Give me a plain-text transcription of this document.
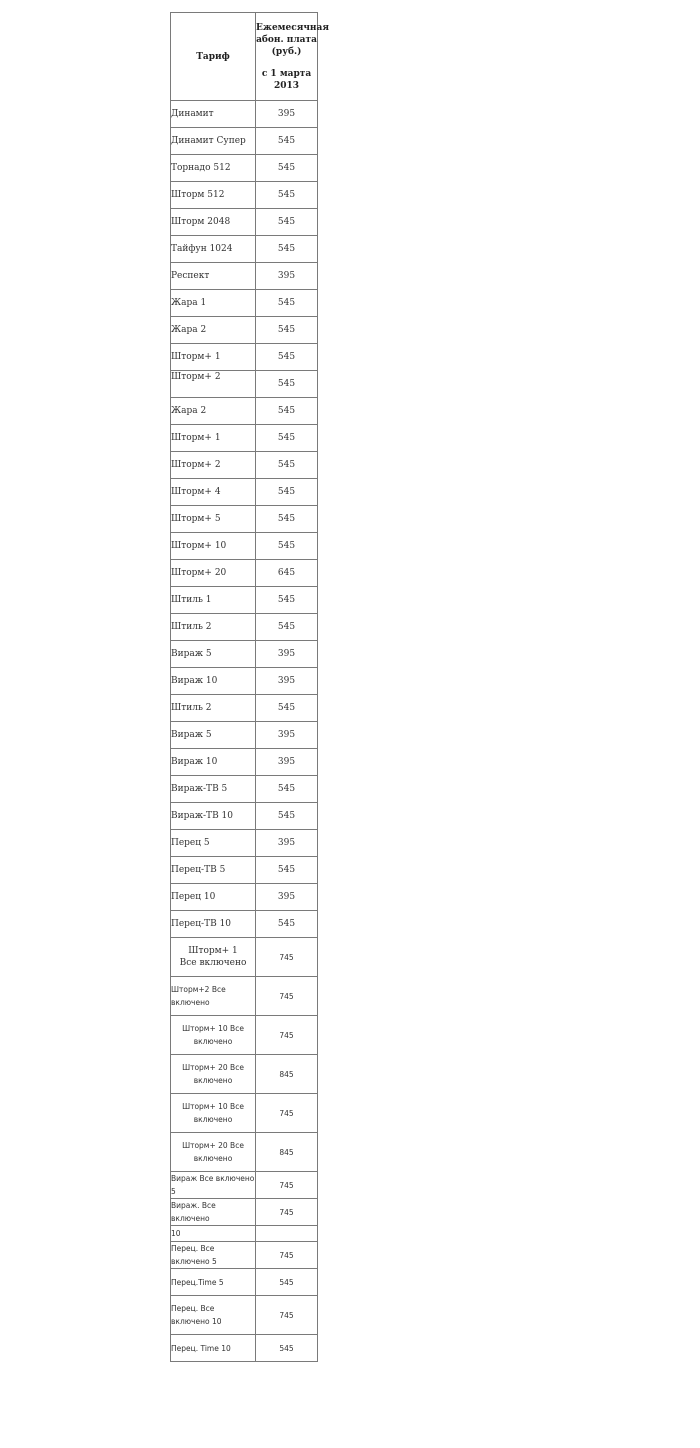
Тариф	Ежемесячная абон. плата (руб.)
с 1 марта 2013
Динамит	395
Динамит Супер	545
Торнадо 512	545
Шторм 512	545
Шторм 2048	545
Тайфун 1024	545
Респект	395
Жара 1	545
Жара 2	545
Шторм+ 1	545
Шторм+ 2	545
Жара 2	545
Шторм+ 1	545
Шторм+ 2	545
Шторм+ 4	545
Шторм+ 5	545
Шторм+ 10	545
Шторм+ 20	645
Штиль 1	545
Штиль 2	545
Вираж 5	395
Вираж 10	395
Штиль 2	545
Вираж 5	395
Вираж 10	395
Вираж-ТВ 5	545
Вираж-ТВ 10	545
Перец 5	395
Перец-ТВ 5	545
Перец 10	395
Перец-ТВ 10	545
Шторм+ 1 Все включено	745
Шторм+2 Все включено	745
Шторм+ 10 Все включено	745
Шторм+ 20 Все включено	845
Шторм+ 10 Все включено	745
Шторм+ 20 Все включено	845
Вираж Все включено 5	745
Вираж. Все включено	745
10	
Перец. Все включено 5	745
Перец.Time 5	545
Перец. Все включено 10	745
Перец. Time 10	545
